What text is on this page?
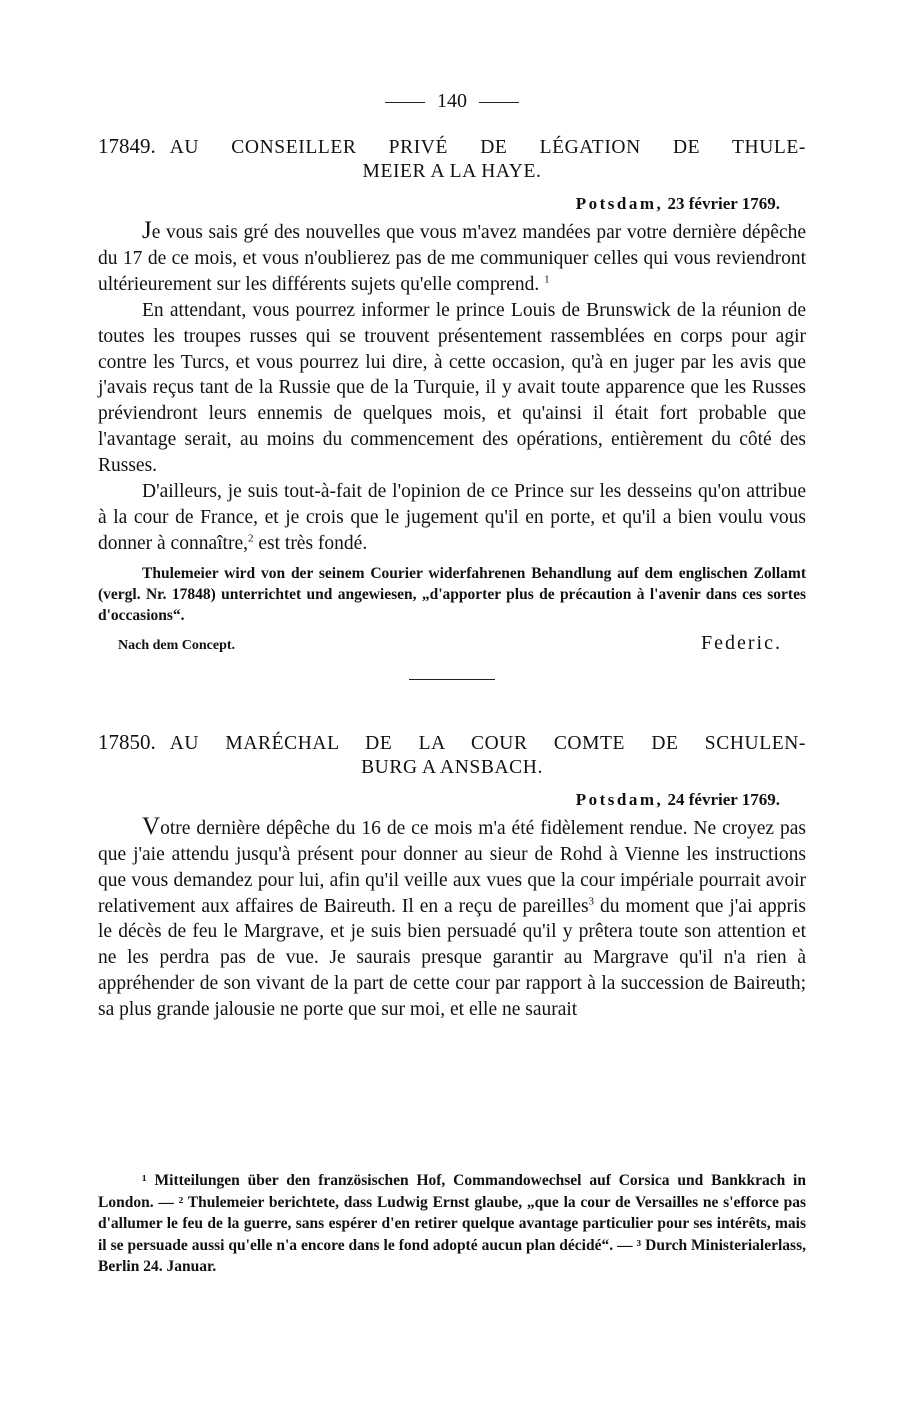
140
17849. AU CONSEILLER PRIVÉ DE LÉGATION DE THULE-
MEIER A LA HAYE.
Potsdam, 23 février 1769.

Je vous sais gré des nouvelles que vous m'avez mandées par votre dernière dépêche du 17 de ce mois, et vous n'oublierez pas de me communiquer celles qui vous reviendront ultérieurement sur les différents sujets qu'elle comprend. $^1$

En attendant, vous pourrez informer le prince Louis de Brunswick de la réunion de toutes les troupes russes qui se trouvent présentement rassemblées en corps pour agir contre les Turcs, et vous pourrez lui dire, à cette occasion, qu'à en juger par les avis que j'avais reçus tant de la Russie que de la Turquie, il y avait toute apparence que les Russes préviendront leurs ennemis de quelques mois, et qu'ainsi il était fort probable que l'avantage serait, au moins du commencement des opérations, entièrement du côté des Russes.

D'ailleurs, je suis tout-à-fait de l'opinion de ce Prince sur les desseins qu'on attribue à la cour de France, et je crois que le jugement qu'il en porte, et qu'il a bien voulu vous donner à connaître,$^2$ est très fondé.

Thulemeier wird von der seinem Courier widerfahrenen Behandlung auf dem englischen Zollamt (vergl. Nr. 17848) unterrichtet und angewiesen, „d'apporter plus de précaution à l'avenir dans ces sortes d'occasions“.

Nach dem Concept.	Federic.
17850. AU MARÉCHAL DE LA COUR COMTE DE SCHULEN-
BURG A ANSBACH.
Potsdam, 24 février 1769.

Votre dernière dépêche du 16 de ce mois m'a été fidèlement rendue. Ne croyez pas que j'aie attendu jusqu'à présent pour donner au sieur de Rohd à Vienne les instructions que vous demandez pour lui, afin qu'il veille aux vues que la cour impériale pourrait avoir relativement aux affaires de Baireuth. Il en a reçu de pareilles$^3$ du moment que j'ai appris le décès de feu le Margrave, et je suis bien persuadé qu'il y prêtera toute son attention et ne les perdra pas de vue. Je saurais presque garantir au Margrave qu'il n'a rien à appréhender de son vivant de la part de cette cour par rapport à la succession de Baireuth; sa plus grande jalousie ne porte que sur moi, et elle ne saurait

¹ Mitteilungen über den französischen Hof, Commandowechsel auf Corsica und Bankkrach in London. — ² Thulemeier berichtete, dass Ludwig Ernst glaube, „que la cour de Versailles ne s'efforce pas d'allumer le feu de la guerre, sans espérer d'en retirer quelque avantage particulier pour ses intérêts, mais il se persuade aussi qu'elle n'a encore dans le fond adopté aucun plan décidé“. — ³ Durch Ministerialerlass, Berlin 24. Januar.
